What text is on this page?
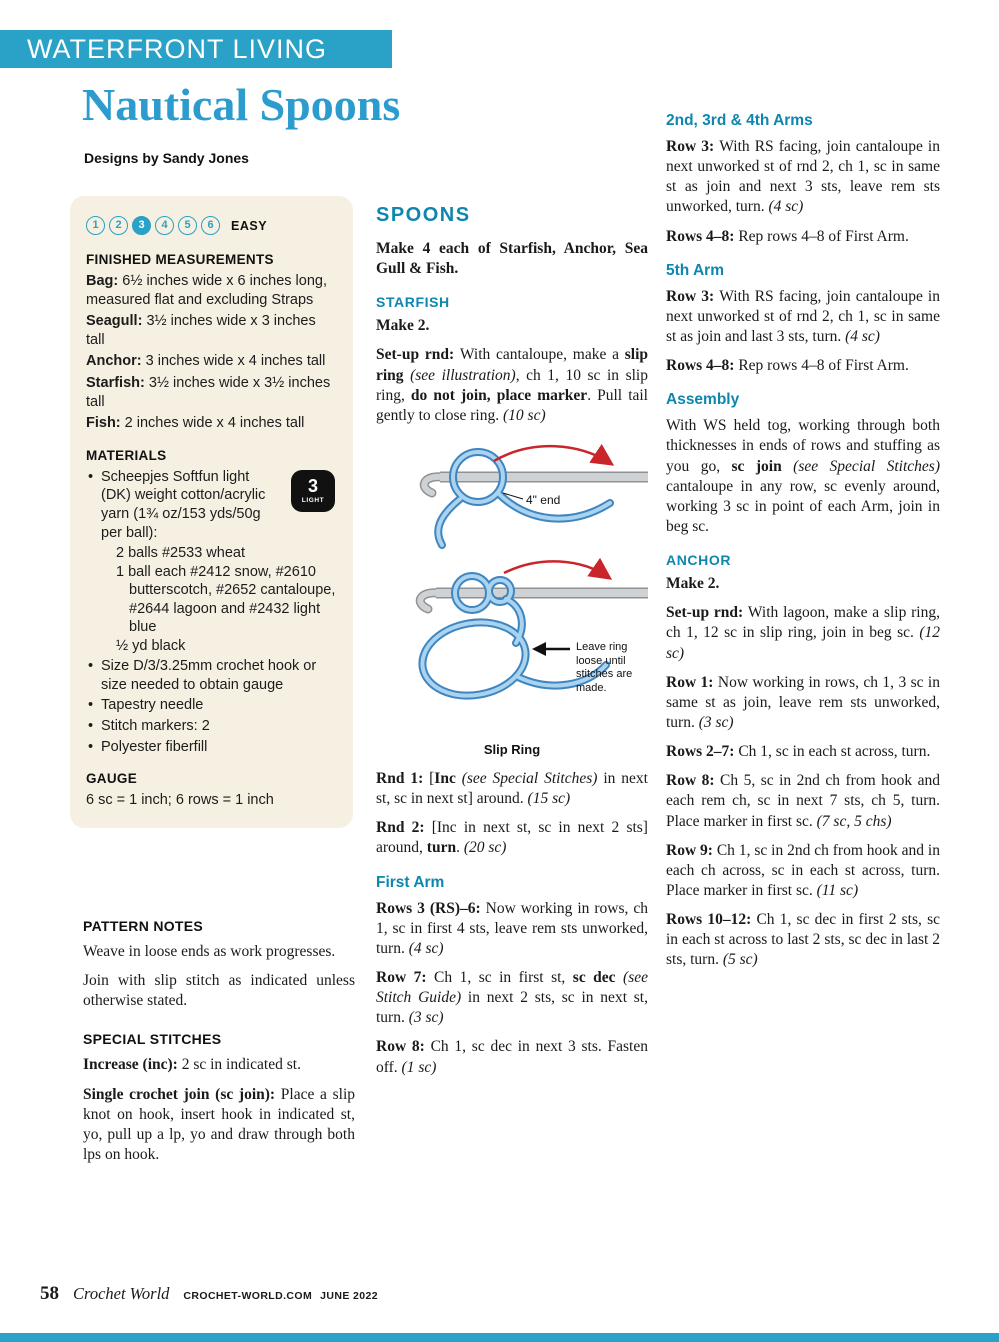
WATERFRONT LIVING
Nautical Spoons
Designs by Sandy Jones
1	2	3	4	5	6	EASY
FINISHED MEASUREMENTS

Bag: 6½ inches wide x 6 inches long, measured flat and excluding Straps

Seagull: 3½ inches wide x 3 inches tall

Anchor: 3 inches wide x 4 inches tall

Starfish: 3½ inches wide x 3½ inches tall

Fish: 2 inches wide x 4 inches tall

MATERIALS
3
LIGHT

• Scheepjes Softfun light (DK) weight cotton/acrylic yarn (1¾ oz/153 yds/50g per ball):

2 balls #2533 wheat

1 ball each #2412 snow, #2610 butterscotch, #2652 cantaloupe, #2644 lagoon and #2432 light blue

½ yd black

• Size D/3/3.25mm crochet hook or size needed to obtain gauge

• Tapestry needle

• Stitch markers: 2

• Polyester fiberfill

GAUGE

6 sc = 1 inch; 6 rows = 1 inch

PATTERN NOTES

Weave in loose ends as work progresses.

Join with slip stitch as indicated unless otherwise stated.

SPECIAL STITCHES

Increase (inc): 2 sc in indicated st.

Single crochet join (sc join): Place a slip knot on hook, insert hook in indicated st, yo, pull up a lp, yo and draw through both lps on hook.

SPOONS

Make 4 each of Starfish, Anchor, Sea Gull & Fish.

STARFISH

Make 2.

Set-up rnd: With cantaloupe, make a slip ring (see illustration), ch 1, 10 sc in slip ring, do not join, place marker. Pull tail gently to close ring. (10 sc)

4" end
Leave ring loose until stitches are made.
Slip Ring

Rnd 1: [Inc (see Special Stitches) in next st, sc in next st] around. (15 sc)

Rnd 2: [Inc in next st, sc in next 2 sts] around, turn. (20 sc)

First Arm

Rows 3 (RS)–6: Now working in rows, ch 1, sc in first 4 sts, leave rem sts unworked, turn. (4 sc)

Row 7: Ch 1, sc in first st, sc dec (see Stitch Guide) in next 2 sts, sc in next st, turn. (3 sc)

Row 8: Ch 1, sc dec in next 3 sts. Fasten off. (1 sc)

2nd, 3rd & 4th Arms

Row 3: With RS facing, join cantaloupe in next unworked st of rnd 2, ch 1, sc in same st as join and next 3 sts, leave rem sts unworked, turn. (4 sc)

Rows 4–8: Rep rows 4–8 of First Arm.

5th Arm

Row 3: With RS facing, join cantaloupe in next unworked st of rnd 2, ch 1, sc in same st as join and last 3 sts, turn. (4 sc)

Rows 4–8: Rep rows 4–8 of First Arm.

Assembly

With WS held tog, working through both thicknesses in ends of rows and stuffing as you go, sc join (see Special Stitches) cantaloupe in any row, sc evenly around, working 3 sc in point of each Arm, join in beg sc.

ANCHOR

Make 2.

Set-up rnd: With lagoon, make a slip ring, ch 1, 12 sc in slip ring, join in beg sc. (12 sc)

Row 1: Now working in rows, ch 1, 3 sc in same st as join, leave rem sts unworked, turn. (3 sc)

Rows 2–7: Ch 1, sc in each st across, turn.

Row 8: Ch 5, sc in 2nd ch from hook and each rem ch, sc in next 7 sts, ch 5, turn. Place marker in first sc. (7 sc, 5 chs)

Row 9: Ch 1, sc in 2nd ch from hook and in each ch across, sc in each st across, turn. Place marker in first sc. (11 sc)

Rows 10–12: Ch 1, sc dec in first 2 sts, sc in each st across to last 2 sts, sc dec in last 2 sts, turn. (5 sc)

58 Crochet World CROCHET-WORLD.COM JUNE 2022
